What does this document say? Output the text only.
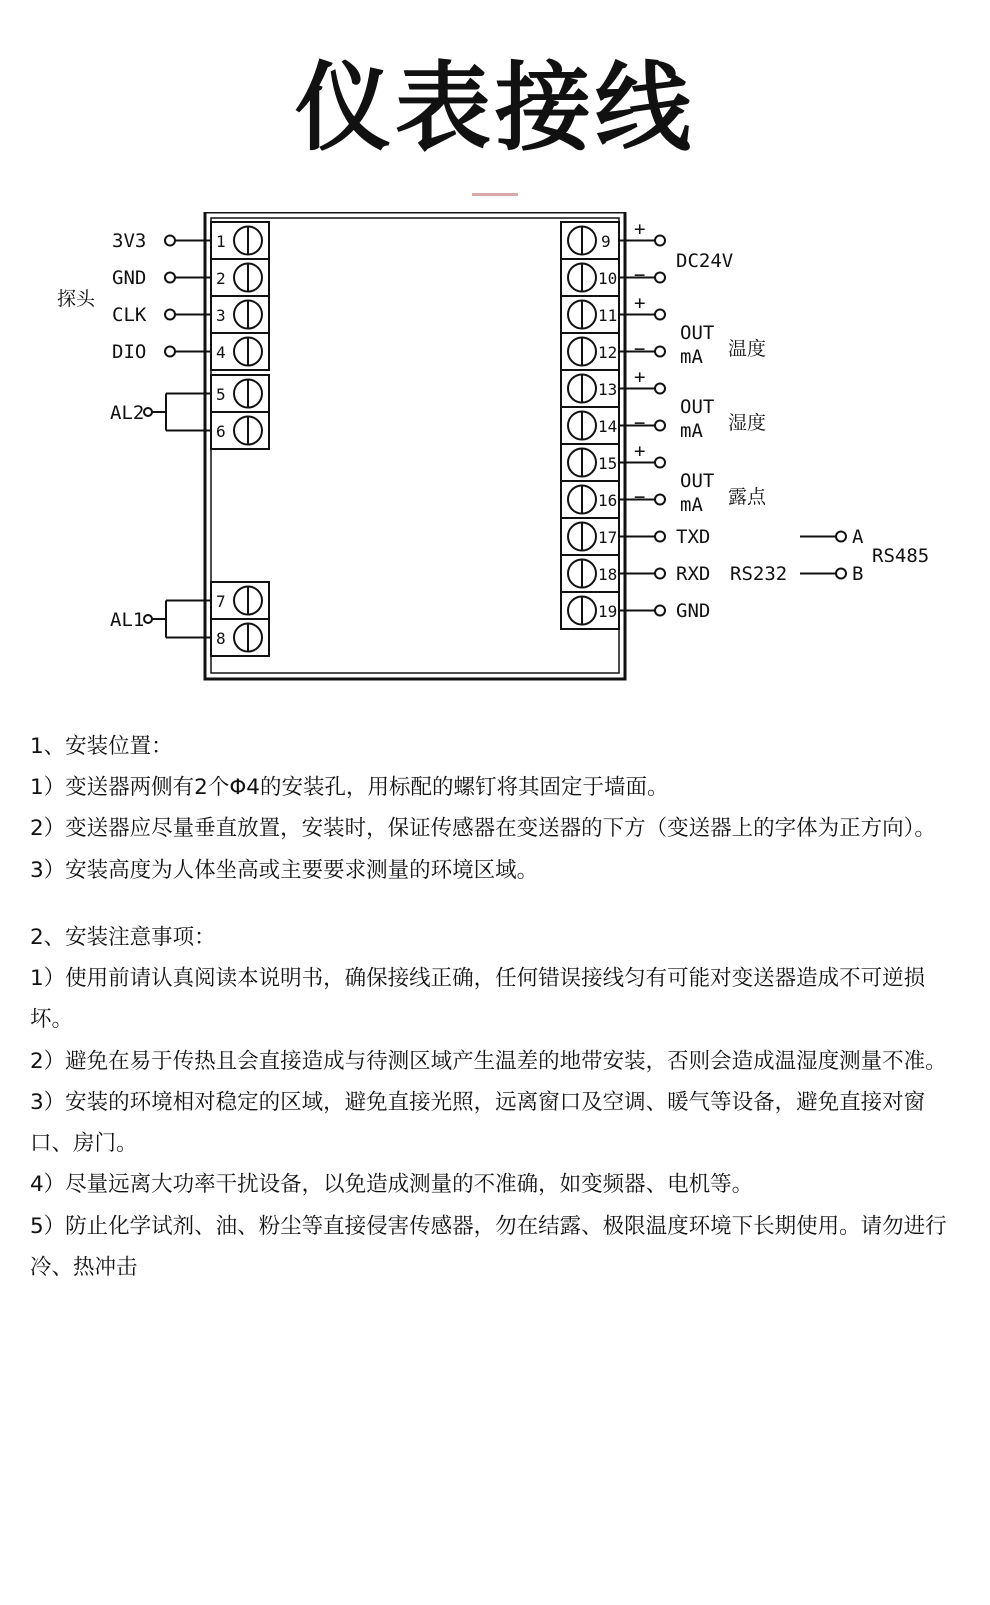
仪表接线
1
2
3
4
5
6
7
8
9
10
11
12
13
14
15
16
17
18
19
3V3
GND
CLK
DIO
探头
AL2
AL1
+
−
+
−
+
−
+
−
DC24V
OUT
mA 温度
OUT
mA 湿度
OUT
mA 露点
TXD
RXD
GND
RS232
A
B
RS485

1、安装位置：

1）变送器两侧有2个Φ4的安装孔，用标配的螺钉将其固定于墙面。

2）变送器应尽量垂直放置，安装时，保证传感器在变送器的下方（变送器上的字体为正方向）。

3）安装高度为人体坐高或主要要求测量的环境区域。

2、安装注意事项：

1）使用前请认真阅读本说明书，确保接线正确，任何错误接线匀有可能对变送器造成不可逆损坏。

2）避免在易于传热且会直接造成与待测区域产生温差的地带安装，否则会造成温湿度测量不准。

3）安装的环境相对稳定的区域，避免直接光照，远离窗口及空调、暖气等设备，避免直接对窗口、房门。

4）尽量远离大功率干扰设备，以免造成测量的不准确，如变频器、电机等。

5）防止化学试剂、油、粉尘等直接侵害传感器，勿在结露、极限温度环境下长期使用。请勿进行冷、热冲击
